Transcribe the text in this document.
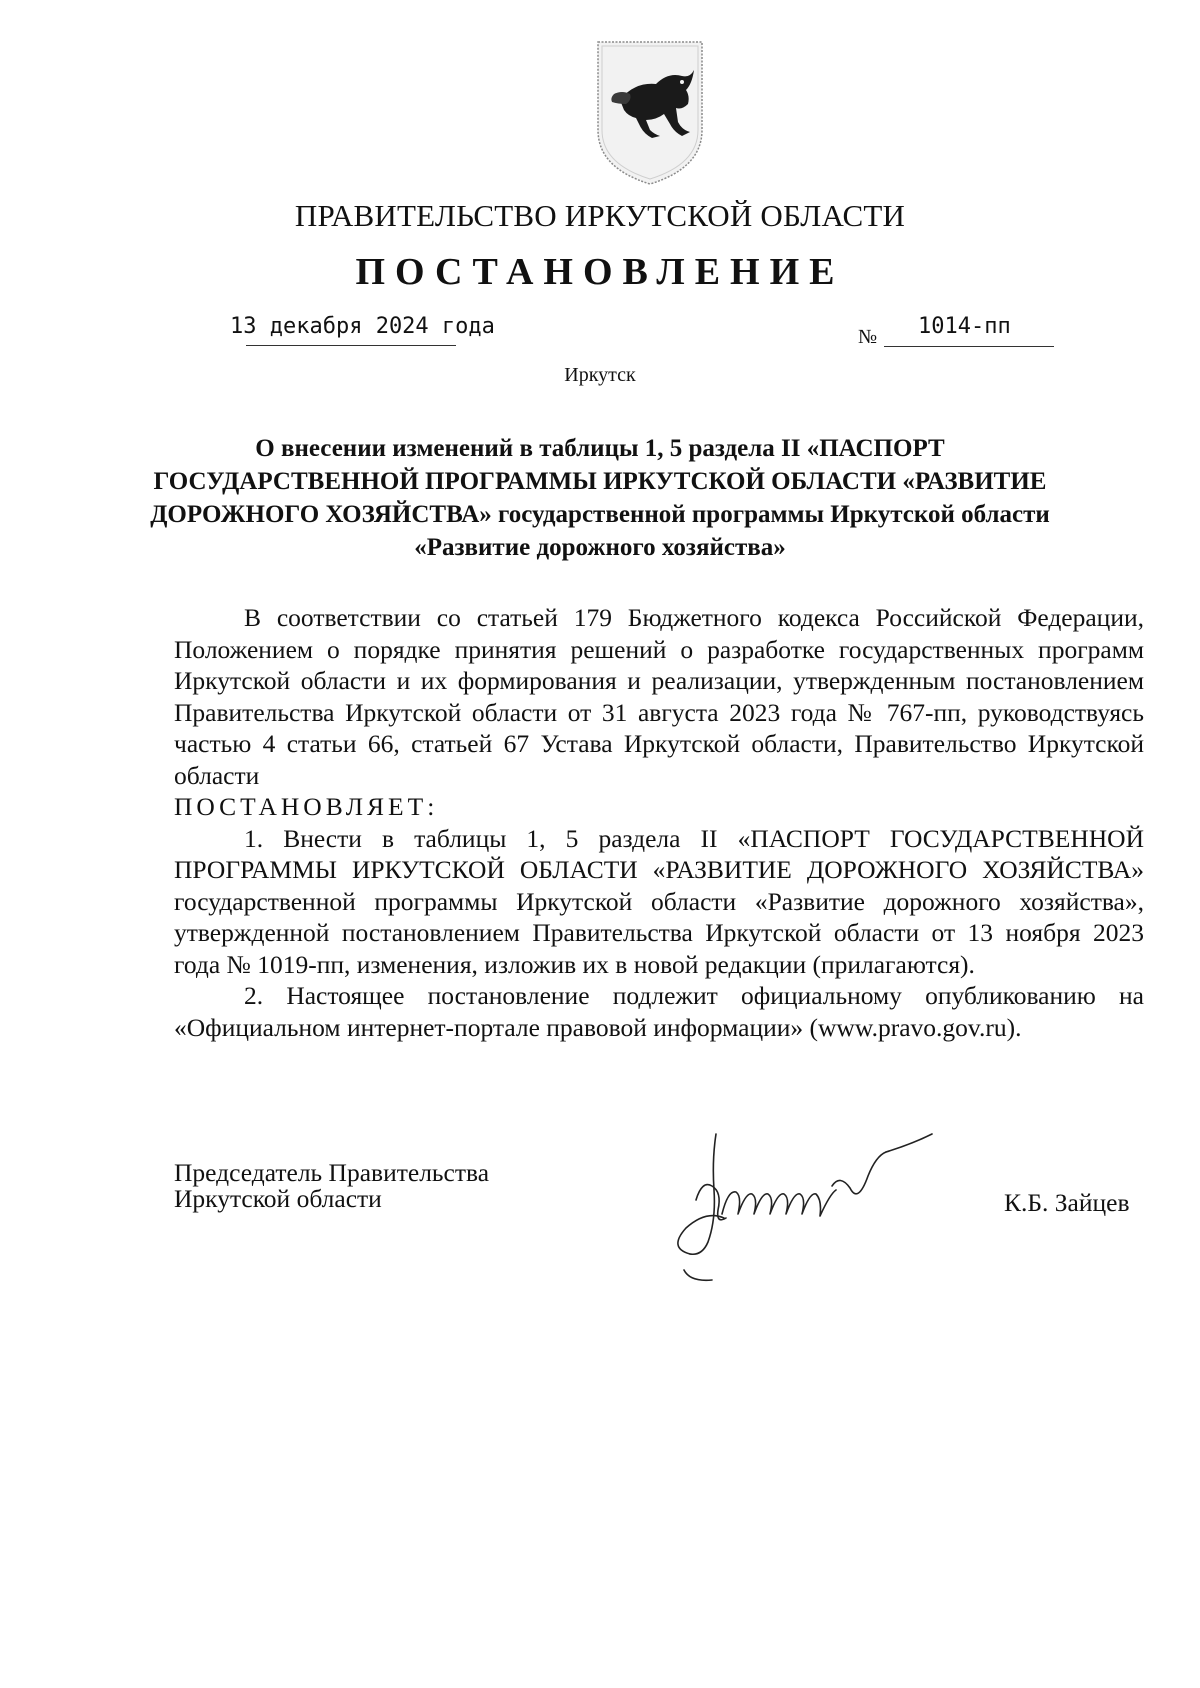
ПРАВИТЕЛЬСТВО ИРКУТСКОЙ ОБЛАСТИ
ПОСТАНОВЛЕНИЕ
13 декабря 2024 года	№ 1014-пп
Иркутск
О внесении изменений в таблицы 1, 5 раздела II «ПАСПОРТ ГОСУДАРСТВЕННОЙ ПРОГРАММЫ ИРКУТСКОЙ ОБЛАСТИ «РАЗВИТИЕ ДОРОЖНОГО ХОЗЯЙСТВА» государственной программы Иркутской области «Развитие дорожного хозяйства»

В соответствии со статьей 179 Бюджетного кодекса Российской Федерации, Положением о порядке принятия решений о разработке государственных программ Иркутской области и их формирования и реализации, утвержденным постановлением Правительства Иркутской области от 31 августа 2023 года № 767-пп, руководствуясь частью 4 статьи 66, статьей 67 Устава Иркутской области, Правительство Иркутской области

ПОСТАНОВЛЯЕТ:

1. Внести в таблицы 1, 5 раздела II «ПАСПОРТ ГОСУДАРСТВЕННОЙ ПРОГРАММЫ ИРКУТСКОЙ ОБЛАСТИ «РАЗВИТИЕ ДОРОЖНОГО ХОЗЯЙСТВА» государственной программы Иркутской области «Развитие дорожного хозяйства», утвержденной постановлением Правительства Иркутской области от 13 ноября 2023 года № 1019-пп, изменения, изложив их в новой редакции (прилагаются).

2. Настоящее постановление подлежит официальному опубликованию на «Официальном интернет-портале правовой информации» (www.pravo.gov.ru).

Председатель Правительства
Иркутской области	К.Б. Зайцев
